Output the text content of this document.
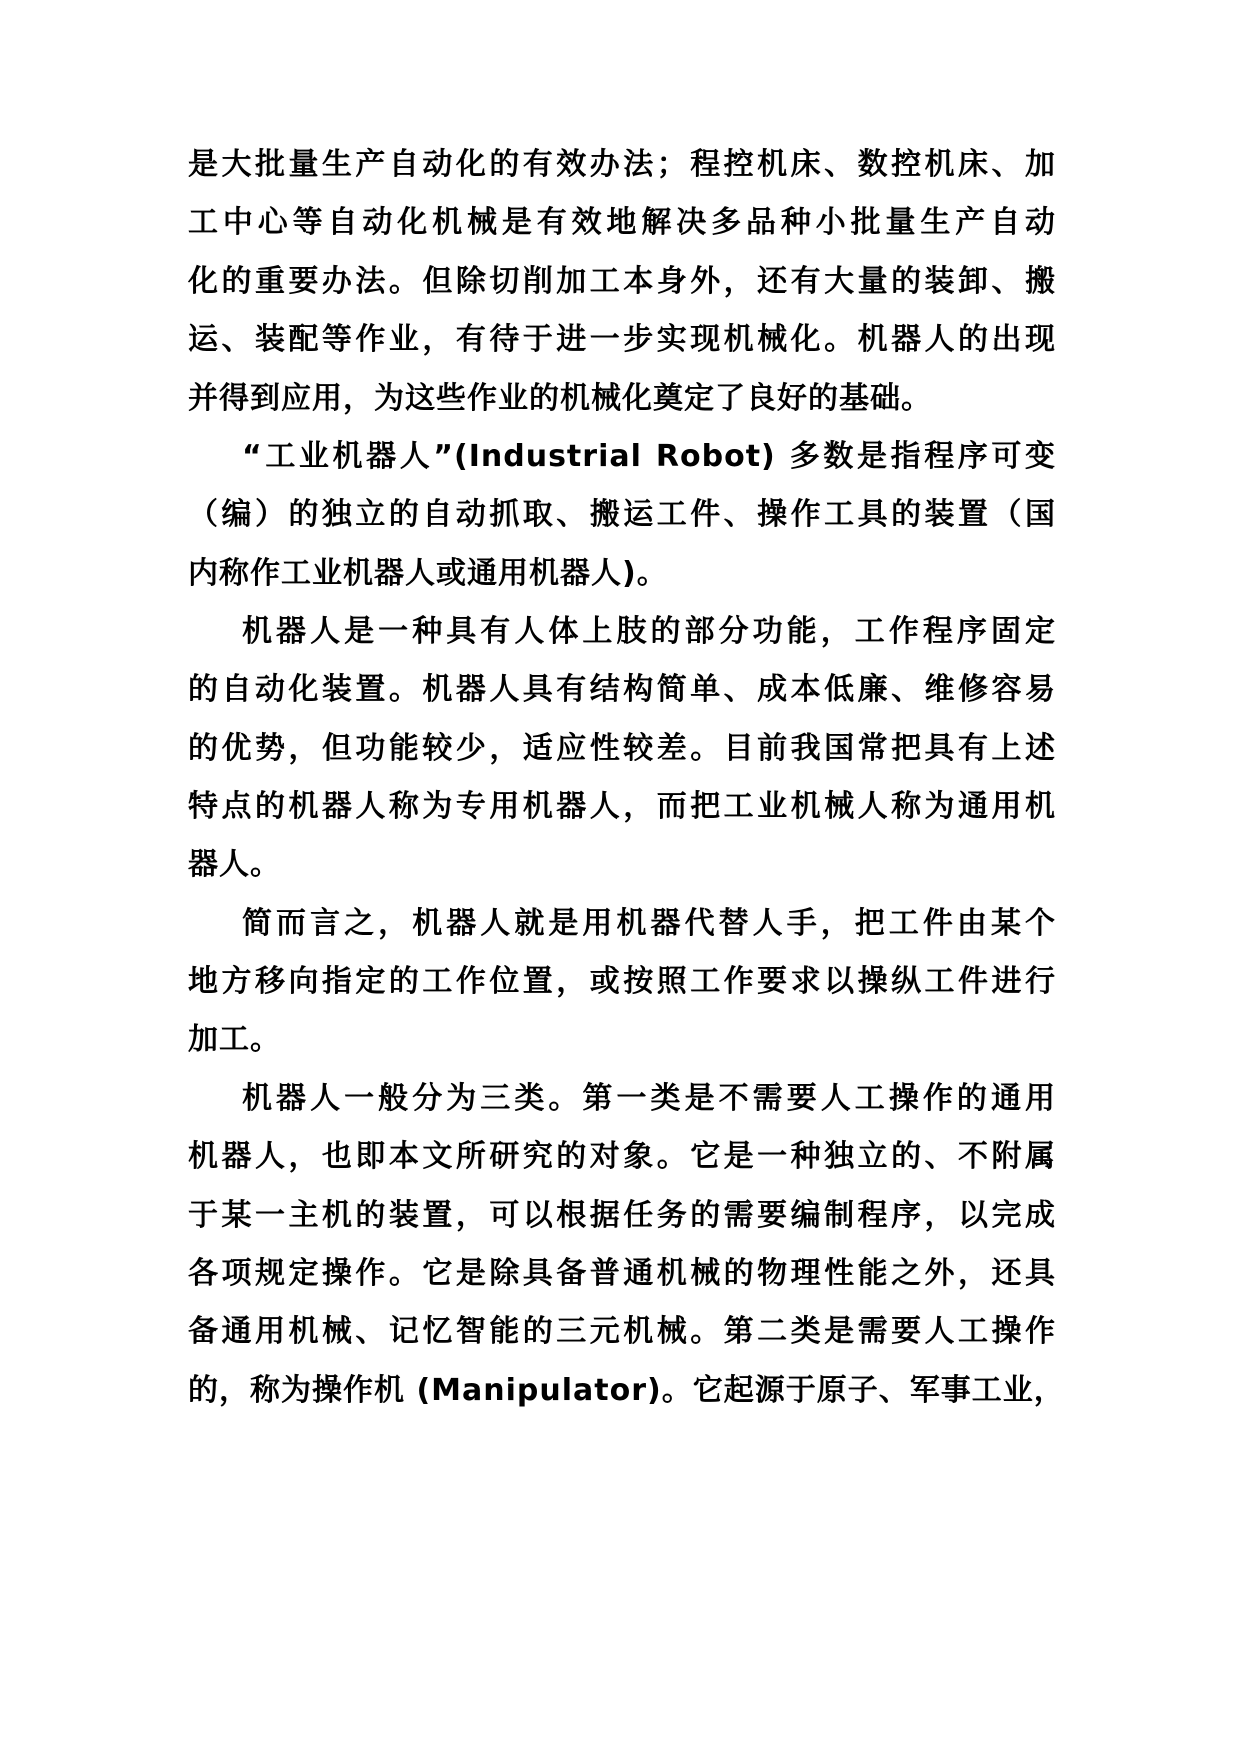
是大批量生产自动化的有效办法；程控机床、数控机床、加
工中心等自动化机械是有效地解决多品种小批量生产自动
化的重要办法。但除切削加工本身外，还有大量的装卸、搬
运、装配等作业，有待于进一步实现机械化。机器人的出现
并得到应用，为这些作业的机械化奠定了良好的基础。
“工业机器人”(Industrial Robot) 多数是指程序可变
（编）的独立的自动抓取、搬运工件、操作工具的装置（国
内称作工业机器人或通用机器人)。
机器人是一种具有人体上肢的部分功能，工作程序固定
的自动化装置。机器人具有结构简单、成本低廉、维修容易
的优势，但功能较少，适应性较差。目前我国常把具有上述
特点的机器人称为专用机器人，而把工业机械人称为通用机
器人。
简而言之，机器人就是用机器代替人手，把工件由某个
地方移向指定的工作位置，或按照工作要求以操纵工件进行
加工。
机器人一般分为三类。第一类是不需要人工操作的通用
机器人，也即本文所研究的对象。它是一种独立的、不附属
于某一主机的装置，可以根据任务的需要编制程序，以完成
各项规定操作。它是除具备普通机械的物理性能之外，还具
备通用机械、记忆智能的三元机械。第二类是需要人工操作
的，称为操作机 (Manipulator)。它起源于原子、军事工业，
